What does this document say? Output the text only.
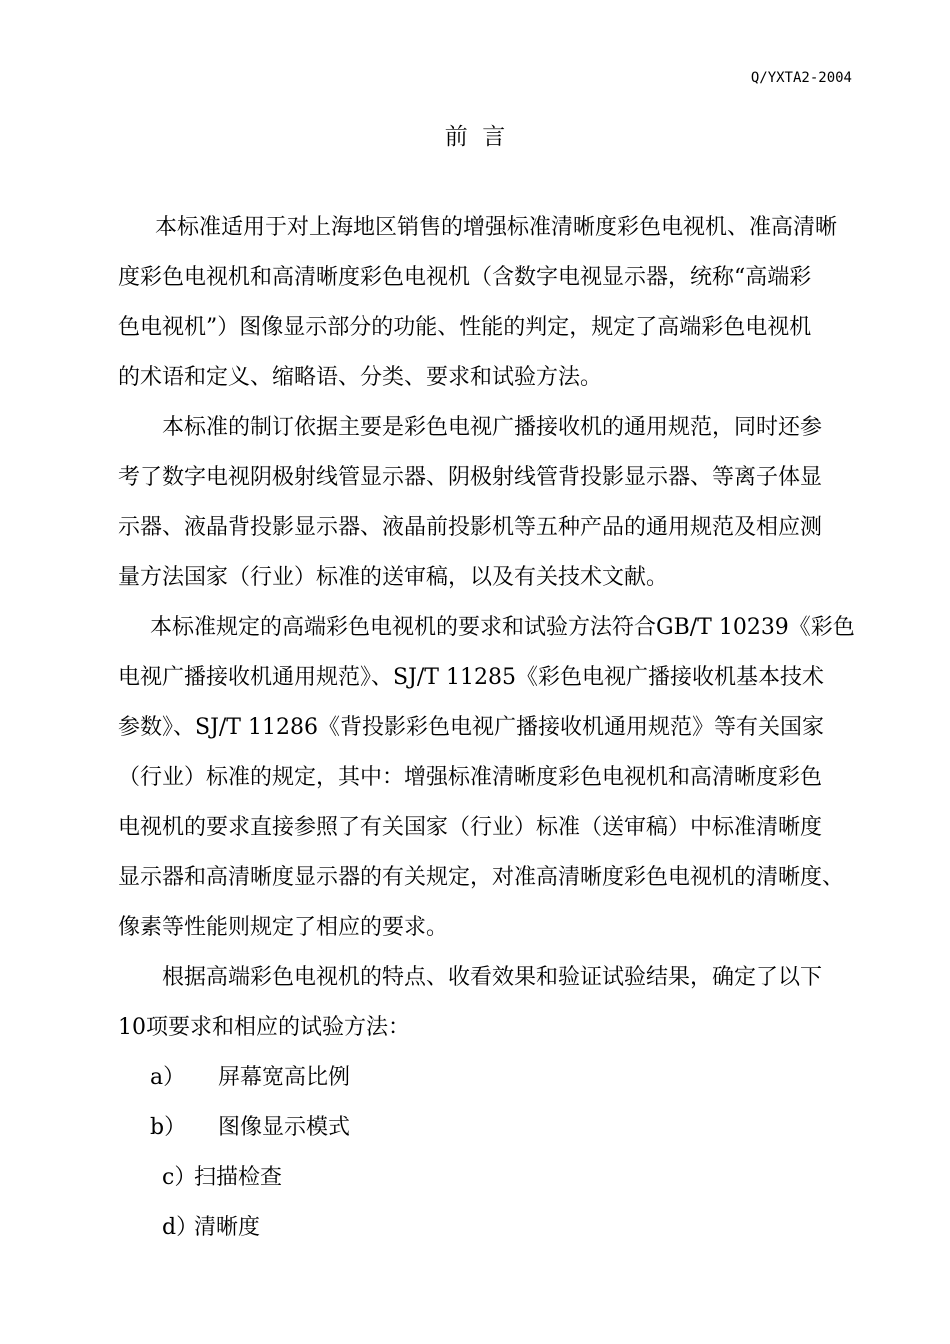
Q/YXTA2-2004
前  言
本标准适用于对上海地区销售的增强标准清晰度彩色电视机、准高清晰
度彩色电视机和高清晰度彩色电视机（含数字电视显示器，统称“高端彩
色电视机”）图像显示部分的功能、性能的判定，规定了高端彩色电视机
的术语和定义、缩略语、分类、要求和试验方法。
本标准的制订依据主要是彩色电视广播接收机的通用规范，同时还参
考了数字电视阴极射线管显示器、阴极射线管背投影显示器、等离子体显
示器、液晶背投影显示器、液晶前投影机等五种产品的通用规范及相应测
量方法国家（行业）标准的送审稿，以及有关技术文献。
本标准规定的高端彩色电视机的要求和试验方法符合GB/T 10239《彩色
电视广播接收机通用规范》、SJ/T 11285《彩色电视广播接收机基本技术
参数》、SJ/T 11286《背投影彩色电视广播接收机通用规范》等有关国家
（行业）标准的规定，其中：增强标准清晰度彩色电视机和高清晰度彩色
电视机的要求直接参照了有关国家（行业）标准（送审稿）中标准清晰度
显示器和高清晰度显示器的有关规定，对准高清晰度彩色电视机的清晰度、
像素等性能则规定了相应的要求。
根据高端彩色电视机的特点、收看效果和验证试验结果，确定了以下
10项要求和相应的试验方法：
a）	屏幕宽高比例
b）	图像显示模式
c）
扫描检查
d）
清晰度
